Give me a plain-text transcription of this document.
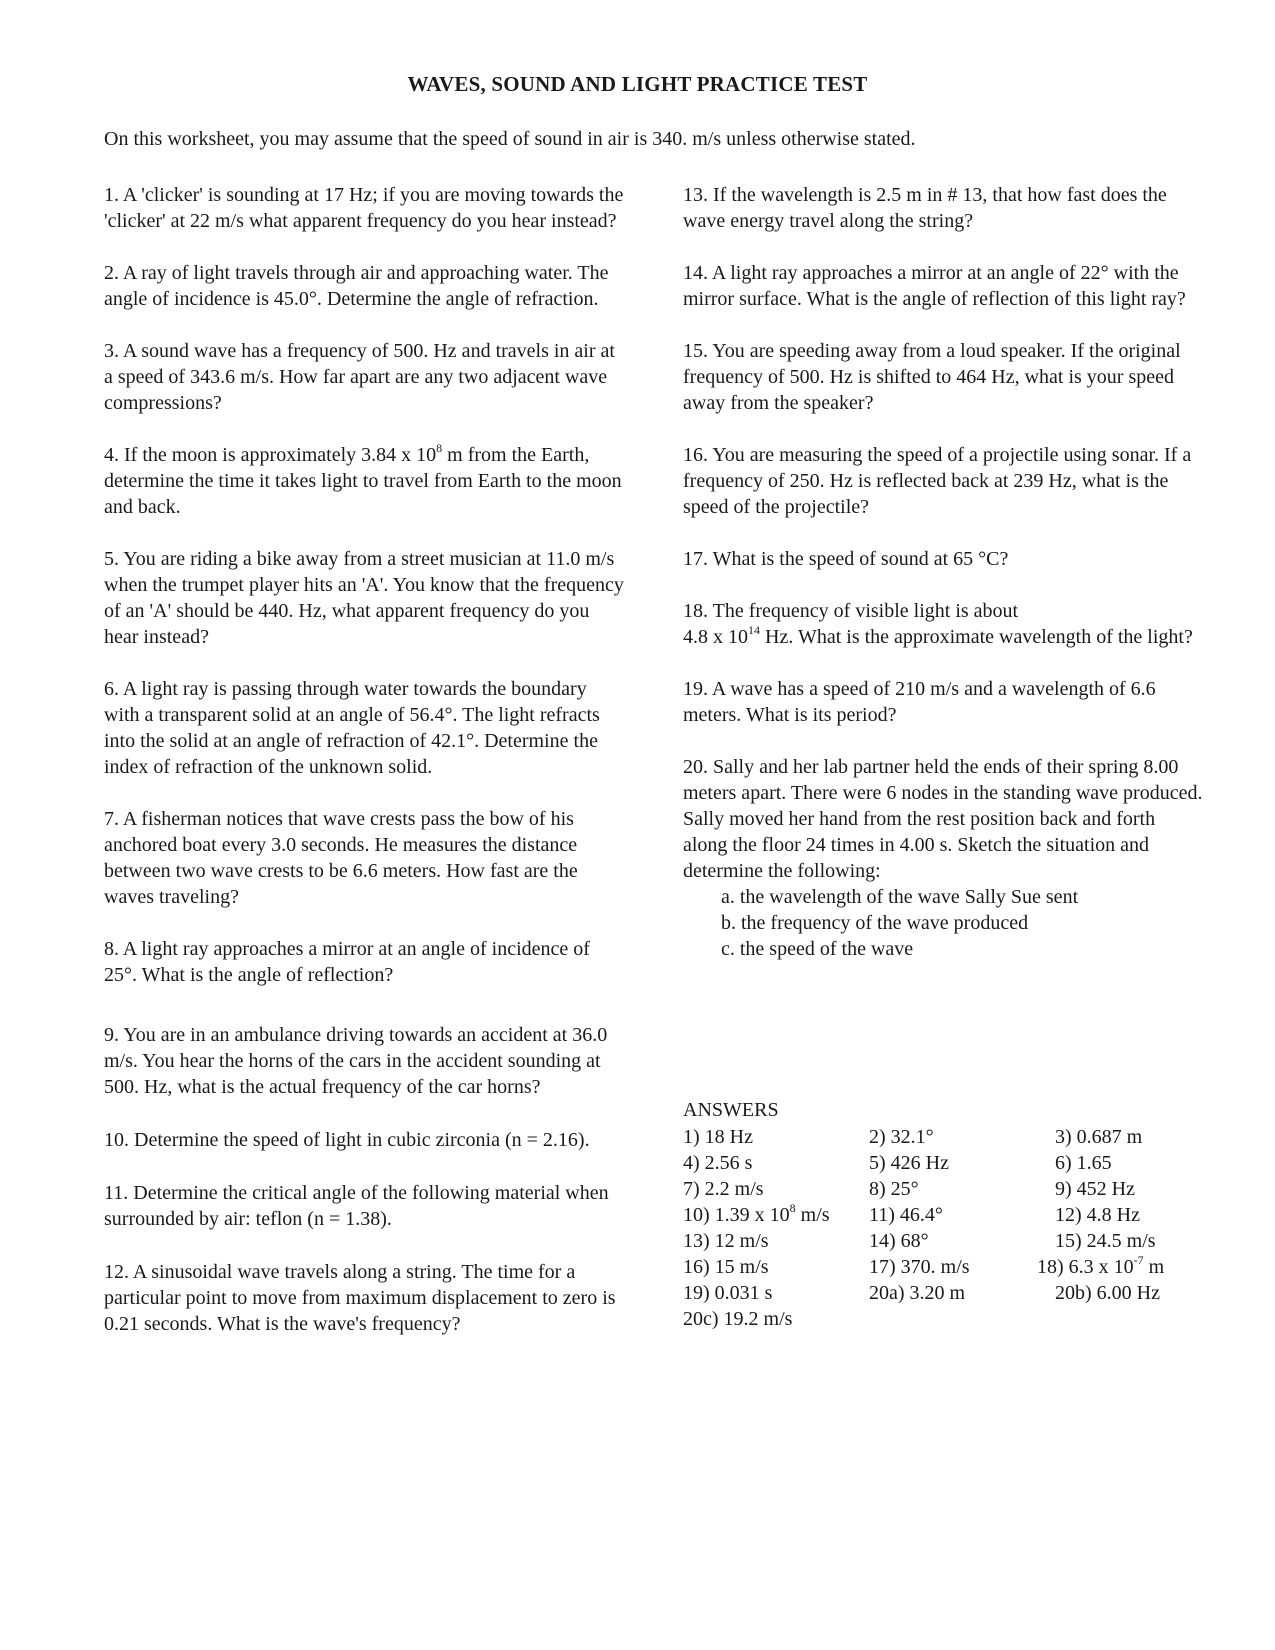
WAVES, SOUND AND LIGHT PRACTICE TEST
On this worksheet, you may assume that the speed of sound in air is 340. m/s unless otherwise stated.

1. A 'clicker' is sounding at 17 Hz; if you are moving towards the 'clicker' at 22 m/s what apparent frequency do you hear instead?

2. A ray of light travels through air and approaching water. The angle of incidence is 45.0°. Determine the angle of refraction.

3. A sound wave has a frequency of 500. Hz and travels in air at a speed of 343.6 m/s. How far apart are any two adjacent wave compressions?

4. If the moon is approximately 3.84 x $10^8$ m from the Earth, determine the time it takes light to travel from Earth to the moon and back.

5. You are riding a bike away from a street musician at 11.0 m/s when the trumpet player hits an 'A'. You know that the frequency of an 'A' should be 440. Hz, what apparent frequency do you hear instead?

6. A light ray is passing through water towards the boundary with a transparent solid at an angle of 56.4°. The light refracts into the solid at an angle of refraction of 42.1°. Determine the index of refraction of the unknown solid.

7. A fisherman notices that wave crests pass the bow of his anchored boat every 3.0 seconds. He measures the distance between two wave crests to be 6.6 meters. How fast are the waves traveling?

8. A light ray approaches a mirror at an angle of incidence of 25°. What is the angle of reflection?

9. You are in an ambulance driving towards an accident at 36.0 m/s. You hear the horns of the cars in the accident sounding at 500. Hz, what is the actual frequency of the car horns?

10. Determine the speed of light in cubic zirconia (n = 2.16).

11. Determine the critical angle of the following material when surrounded by air: teflon (n = 1.38).

12. A sinusoidal wave travels along a string. The time for a particular point to move from maximum displacement to zero is 0.21 seconds. What is the wave's frequency?

13. If the wavelength is 2.5 m in # 13, that how fast does the wave energy travel along the string?

14. A light ray approaches a mirror at an angle of 22° with the mirror surface. What is the angle of reflection of this light ray?

15. You are speeding away from a loud speaker. If the original frequency of 500. Hz is shifted to 464 Hz, what is your speed away from the speaker?

16. You are measuring the speed of a projectile using sonar. If a frequency of 250. Hz is reflected back at 239 Hz, what is the speed of the projectile?

17. What is the speed of sound at 65 °C?

18. The frequency of visible light is about
4.8 x $10^{14}$ Hz. What is the approximate wavelength of the light?

19. A wave has a speed of 210 m/s and a wavelength of 6.6 meters. What is its period?

20. Sally and her lab partner held the ends of their spring 8.00 meters apart. There were 6 nodes in the standing wave produced. Sally moved her hand from the rest position back and forth along the floor 24 times in 4.00 s. Sketch the situation and determine the following:
a. the wavelength of the wave Sally Sue sent
b. the frequency of the wave produced
c. the speed of the wave
ANSWERS
1) 18 Hz	2) 32.1°	3) 0.687 m
4) 2.56 s	5) 426 Hz	6) 1.65
7) 2.2 m/s	8) 25°	9) 452 Hz
10) 1.39 x $10^8$ m/s	11) 46.4°	12) 4.8 Hz
13) 12 m/s	14) 68°	15) 24.5 m/s
16) 15 m/s	17) 370. m/s	18) 6.3 x $10^{-7}$ m
19) 0.031 s	20a) 3.20 m	20b) 6.00 Hz
20c) 19.2 m/s
